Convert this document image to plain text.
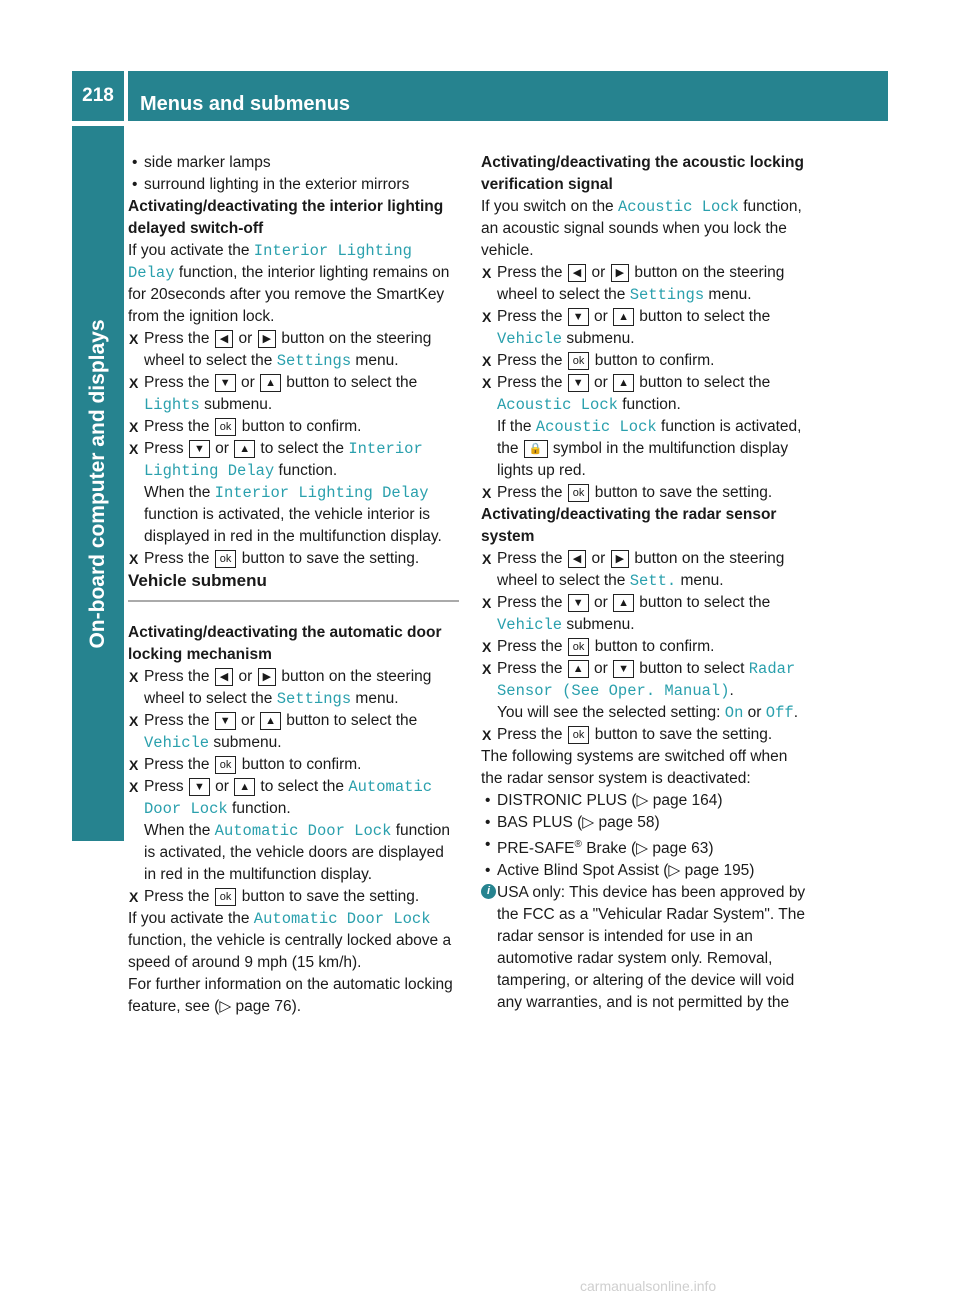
218	Menus and submenus
On-board computer and displays

• side marker lamps

• surround lighting in the exterior mirrors

Activating/deactivating the interior lighting delayed switch-off

If you activate the Interior Lighting Delay function, the interior lighting remains on for 20seconds after you remove the SmartKey from the ignition lock.

X Press the ◀ or ▶ button on the steering wheel to select the Settings menu.

X Press the ▼ or ▲ button to select the Lights submenu.

X Press the ok button to confirm.

X Press ▼ or ▲ to select the Interior Lighting Delay function.
When the Interior Lighting Delay function is activated, the vehicle interior is displayed in red in the multifunction display.

X Press the ok button to save the setting.

Vehicle submenu

Activating/deactivating the automatic door locking mechanism

X Press the ◀ or ▶ button on the steering wheel to select the Settings menu.

X Press the ▼ or ▲ button to select the Vehicle submenu.

X Press the ok button to confirm.

X Press ▼ or ▲ to select the Automatic Door Lock function.
When the Automatic Door Lock function is activated, the vehicle doors are displayed in red in the multifunction display.

X Press the ok button to save the setting.

If you activate the Automatic Door Lock function, the vehicle is centrally locked above a speed of around 9 mph (15 km/h).

For further information on the automatic locking feature, see (▷ page 76).

Activating/deactivating the acoustic locking verification signal

If you switch on the Acoustic Lock function, an acoustic signal sounds when you lock the vehicle.

X Press the ◀ or ▶ button on the steering wheel to select the Settings menu.

X Press the ▼ or ▲ button to select the Vehicle submenu.

X Press the ok button to confirm.

X Press the ▼ or ▲ button to select the Acoustic Lock function.
If the Acoustic Lock function is activated, the 🔒 symbol in the multifunction display lights up red.

X Press the ok button to save the setting.

Activating/deactivating the radar sensor system

X Press the ◀ or ▶ button on the steering wheel to select the Sett. menu.

X Press the ▼ or ▲ button to select the Vehicle submenu.

X Press the ok button to confirm.

X Press the ▲ or ▼ button to select Radar Sensor (See Oper. Manual).
You will see the selected setting: On or Off.

X Press the ok button to save the setting.

The following systems are switched off when the radar sensor system is deactivated:

• DISTRONIC PLUS (▷ page 164)

• BAS PLUS (▷ page 58)

• PRE-SAFE® Brake (▷ page 63)

• Active Blind Spot Assist (▷ page 195)

i USA only: This device has been approved by the FCC as a "Vehicular Radar System". The radar sensor is intended for use in an automotive radar system only. Removal, tampering, or altering of the device will void any warranties, and is not permitted by the

carmanualsonline.info
